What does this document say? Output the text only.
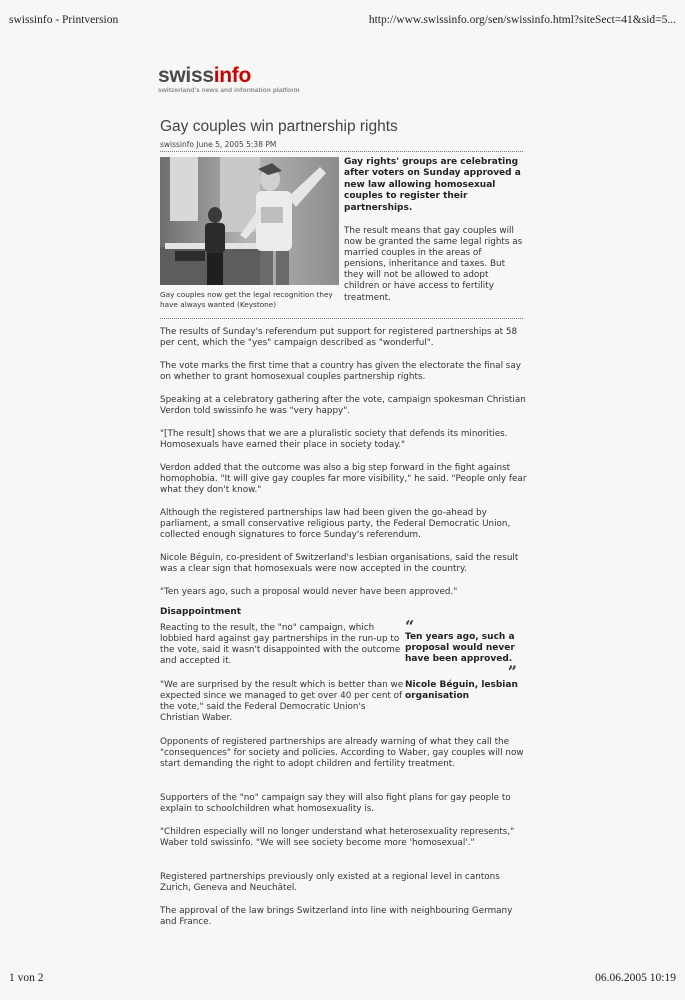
swissinfo - Printversion	http://www.swissinfo.org/sen/swissinfo.html?siteSect=41&sid=5...
swissinfo
switzerland's news and information platform
Gay couples win partnership rights
swissinfo June 5, 2005 5:38 PM
Gay couples now get the legal recognition they have always wanted (Keystone)
Gay rights' groups are celebrating after voters on Sunday approved a new law allowing homosexual couples to register their partnerships.
The result means that gay couples will now be granted the same legal rights as married couples in the areas of pensions, inheritance and taxes. But they will not be allowed to adopt children or have access to fertility treatment.

The results of Sunday's referendum put support for registered partnerships at 58 per cent, which the "yes" campaign described as "wonderful".

The vote marks the first time that a country has given the electorate the final say on whether to grant homosexual couples partnership rights.

Speaking at a celebratory gathering after the vote, campaign spokesman Christian Verdon told swissinfo he was "very happy".

"[The result] shows that we are a pluralistic society that defends its minorities. Homosexuals have earned their place in society today."

Verdon added that the outcome was also a big step forward in the fight against homophobia. "It will give gay couples far more visibility," he said. "People only fear what they don't know."

Although the registered partnerships law had been given the go-ahead by parliament, a small conservative religious party, the Federal Democratic Union, collected enough signatures to force Sunday's referendum.

Nicole Béguin, co-president of Switzerland's lesbian organisations, said the result was a clear sign that homosexuals were now accepted in the country.

"Ten years ago, such a proposal would never have been approved."

Disappointment

Reacting to the result, the "no" campaign, which lobbied hard against gay partnerships in the run-up to the vote, said it wasn't disappointed with the outcome and accepted it.

"We are surprised by the result which is better than we expected since we managed to get over 40 per cent of the vote," said the Federal Democratic Union's Christian Waber.

“
Ten years ago, such a proposal would never have been approved.
”
Nicole Béguin, lesbian organisation

Opponents of registered partnerships are already warning of what they call the "consequences" for society and policies. According to Waber, gay couples will now start demanding the right to adopt children and fertility treatment.

Supporters of the "no" campaign say they will also fight plans for gay people to explain to schoolchildren what homosexuality is.

"Children especially will no longer understand what heterosexuality represents," Waber told swissinfo. "We will see society become more 'homosexual'."

Registered partnerships previously only existed at a regional level in cantons Zurich, Geneva and Neuchâtel.

The approval of the law brings Switzerland into line with neighbouring Germany and France.

1 von 2	06.06.2005 10:19
